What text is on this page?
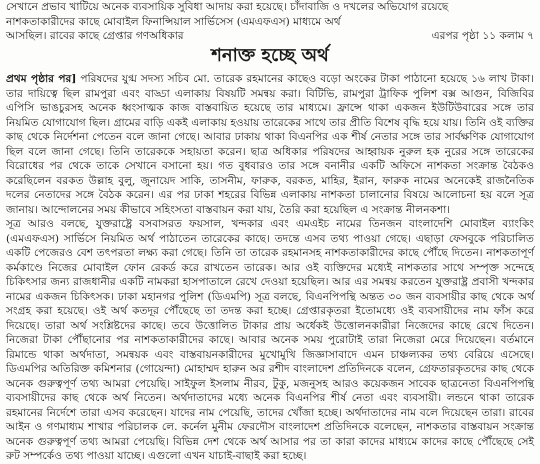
সেখানে প্রভাব খাটিয়ে অনেক ব্যবসায়িক সুবিধা আদায় করা হয়েছে। চাঁদাবাজি ও দখলের অভিযোগ রয়েছে
নাশকতাকারীদের কাছে মোবাইল ফিনান্সিয়াল সার্ভিসেস (এমএফএস) মাধ্যমে অর্থ
আসছিল। রাবের কাছে গ্রেপ্তার গণঅধিকার	এরপর পৃষ্ঠা ১১ কলাম ৭
শনাক্ত হচ্ছে অর্থ

প্রথম পৃষ্ঠার পর] পরিষদের যুগ্ম সদস্য সচিব মো. তারেক রহমানের কাছেও বড়ো অংকের টাকা পাঠানো হয়েছে ১৬ লাখ টাকা। তার দায়িত্বে ছিল রামপুরা এবং বাড্ডা এলাকায় বিষয়টি সমন্বয় করা। বিটিভি, রামপুরা ট্রাফিক পুলিশ বক্স আগুন, বিজিবির এপিসি ভাঙচুরসহ অনেক ধ্বংসাত্মক কাজ বাস্তবায়িত হয়েছে তার মাধ্যমে। ফ্রান্সে থাকা একজন ইউটিউবারের সঙ্গে তার নিয়মিত যোগাযোগ ছিল। গ্রামের বাড়ি একই এলাকায় হওয়ায় তারেকের সাথে তার প্রীতি বিশেষ বৃদ্ধি হয়ে যায়। তিনি ওই ব্যক্তির কাছ থেকে নির্দেশনা পেতেন বলে জানা গেছে। আবার ঢাকায় থাকা বিএনপির এক শীর্ষ নেতার সঙ্গে তার সার্বক্ষণিক যোগাযোগ ছিল বলে জানা গেছে। তিনি তারেককে সহায়তা করেন। ছাত্র অধিকার পরিষদের আহ্বায়ক নুরুল হক নুরের সঙ্গে তারেকের বিরোধের পর থেকে তাকে সেখানে বসানো হয়। গত বুধবারও তার সঙ্গে বনানীর একটি অফিসে নাশকতা সংক্রান্ত বৈঠকও করেছিলেন বরকত উল্লাহ বুলু, জুনায়েদ সাকি, তাসনীম, ফারুক, বরকত, মাহির, ইরান, ফারুক নামের অনেকেই রাজনৈতিক দলের নেতাদের সঙ্গে বৈঠক করেন। এর পর ঢাকা শহরের বিভিন্ন এলাকায় নাশকতা চালানোর বিষয়ে আলোচনা হয় বলে সূত্র জানায়। আন্দোলনের সময় কীভাবে সহিংসতা বাস্তবায়ন করা যায়, তৈরি করা হয়েছিল এ সংক্রান্ত নীলনকশা।

সূত্র আরও বলছে, যুক্তরাষ্ট্রে বসবাসরত ফয়সাল, খন্দকার এবং এমএইচ নামের তিনজন বাংলাদেশি মোবাইল ব্যাংকিং (এমএফএস) সার্ভিসে নিয়মিত অর্থ পাঠাতেন তারেকের কাছে। তদন্তে এসব তথ্য পাওয়া গেছে। এছাড়া ফেসবুকে পরিচালিত একটি পেজেরও বেশ তৎপরতা লক্ষ্য করা গেছে। তিনি তা তারেক রহমানসহ নাশকতাকারীদের কাছে পৌঁছে দিতেন। নাশকতাপূর্ণ কর্মকাণ্ডে নিজের মোবাইল ফোন রেকর্ড করে রাখতেন তারেক। আর ওই ব্যক্তিদের মধ্যেই নাশকতার সাথে সম্পৃক্ত সন্দেহে চিকিৎসার জন্য রাজধানীর একটি নামকরা হাসপাতালে রেখে দেওয়া হয়েছিল। আর এর সমন্বয় করতেন যুক্তরাষ্ট্র প্রবাসী খন্দকার নামের একজন চিকিৎসক। ঢাকা মহানগর পুলিশ (ডিএমপি) সূত্র বলছে, বিএনপিপন্থি অন্তত ৩০ জন ব্যবসায়ীর কাছ থেকে অর্থ সংগ্রহ করা হয়েছে। ওই অর্থ কতদূর পৌঁছেছে তা তদন্ত করা হচ্ছে। গ্রেপ্তারকৃতরা ইতোমধ্যে ওই ব্যবসায়ীদের নাম ফাঁস করে দিয়েছে। তারা অর্থ সংশ্লিষ্টদের কাছে। তবে উত্তোলিত টাকার প্রায় অর্ধেকই উত্তোলনকারীরা নিজেদের কাছে রেখে দিতেন। নিজেরা টাকা পৌঁছানোর পর নাশকতাকারীদের কাছে। আবার অনেক সময় পুরোটাই তারা নিজেরা মেরে দিয়েছেন। বর্তমানে রিমান্ডে থাকা অর্থদাতা, সমন্বয়ক এবং বাস্তবায়নকারীদের মুখোমুখি জিজ্ঞাসাবাদে এমন চাঞ্চল্যকর তথ্য বেরিয়ে এসেছে। ডিএমপির অতিরিক্ত কমিশনার (গোয়েন্দা) মোহাম্মদ হারুন অর রশীদ বাংলাদেশ প্রতিদিনকে বলেন, গ্রেফতারকৃতদের কাছ থেকে অনেক গুরুত্বপূর্ণ তথ্য আমরা পেয়েছি। সাইফুল ইসলাম নীরব, টুকু, মজনুসহ আরও কয়েকজন সাবেক ছাত্রনেতা বিএনপিপন্থি ব্যবসায়ীদের কাছ থেকে অর্থ নিতেন। অর্থদাতাদের মধ্যে অনেক বিএনপির শীর্ষ নেতা এবং ব্যবসায়ী। লন্ডনে থাকা তারেক রহমানের নির্দেশে তারা এসব করেছেন। যাদের নাম পেয়েছি, তাদের খোঁজা হচ্ছে। অর্থদাতাদের নাম বলে দিয়েছেন তারা। রাবের আইন ও গণমাধ্যম শাখার পরিচালক লে. কর্নেল মুনীম ফেরদৌস বাংলাদেশ প্রতিদিনকে বলেছেন, নাশকতার বাস্তবায়ন সংক্রান্ত অনেক গুরুত্বপূর্ণ তথ্য আমরা পেয়েছি। বিভিন্ন দেশ থেকে অর্থ আসার পর তা কারা কাদের মাধ্যমে কাদের কাছে পৌঁছেছে সেই রুট সম্পর্কেও তথ্য পাওয়া যাচ্ছে। এগুলো এখন যাচাই-বাছাই করা হচ্ছে।
